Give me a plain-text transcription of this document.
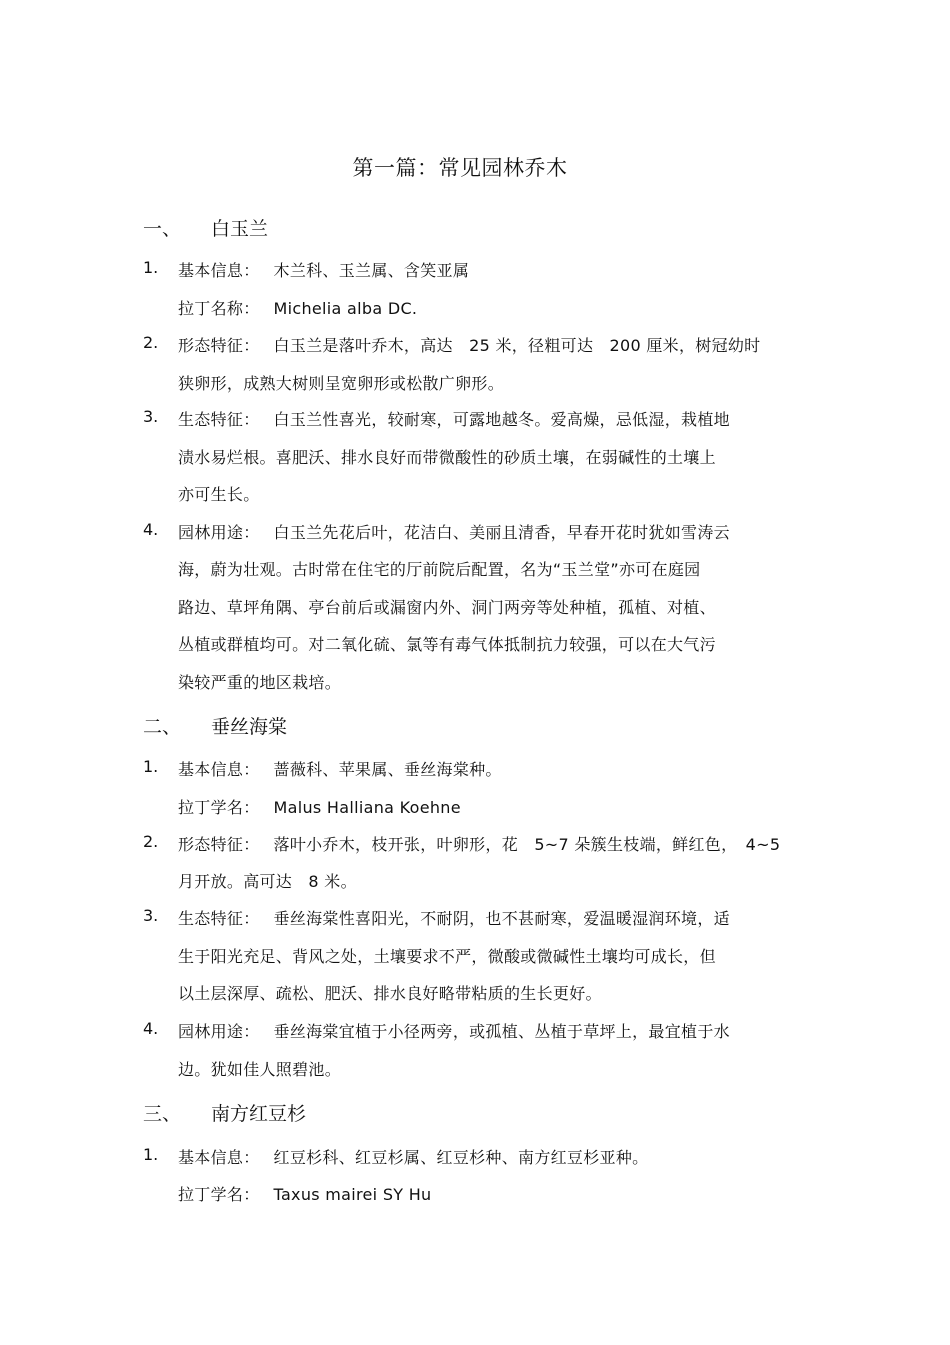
第一篇：常见园林乔木
一、 白玉兰
1. 基本信息： 木兰科、玉兰属、含笑亚属
拉丁名称： Michelia alba DC.
2. 形态特征： 白玉兰是落叶乔木，高达　25 米，径粗可达　200 厘米，树冠幼时
狭卵形，成熟大树则呈宽卵形或松散广卵形。
3. 生态特征： 白玉兰性喜光，较耐寒，可露地越冬。爱高燥，忌低湿，栽植地
渍水易烂根。喜肥沃、排水良好而带微酸性的砂质土壤，在弱碱性的土壤上
亦可生长。
4. 园林用途： 白玉兰先花后叶，花洁白、美丽且清香，早春开花时犹如雪涛云
海，蔚为壮观。古时常在住宅的厅前院后配置，名为“玉兰堂”亦可在庭园
路边、草坪角隅、亭台前后或漏窗内外、洞门两旁等处种植，孤植、对植、
丛植或群植均可。对二氧化硫、氯等有毒气体抵制抗力较强，可以在大气污
染较严重的地区栽培。
二、 垂丝海棠
1. 基本信息： 蔷薇科、苹果属、垂丝海棠种。
拉丁学名： Malus Halliana Koehne
2. 形态特征： 落叶小乔木，枝开张，叶卵形，花　5~7 朵簇生枝端，鲜红色，　4~5
月开放。高可达　8 米。
3. 生态特征： 垂丝海棠性喜阳光，不耐阴，也不甚耐寒，爱温暖湿润环境，适
生于阳光充足、背风之处，土壤要求不严，微酸或微碱性土壤均可成长，但
以土层深厚、疏松、肥沃、排水良好略带粘质的生长更好。
4. 园林用途： 垂丝海棠宜植于小径两旁，或孤植、丛植于草坪上，最宜植于水
边。犹如佳人照碧池。
三、 南方红豆杉
1. 基本信息： 红豆杉科、红豆杉属、红豆杉种、南方红豆杉亚种。
拉丁学名： Taxus mairei SY Hu
